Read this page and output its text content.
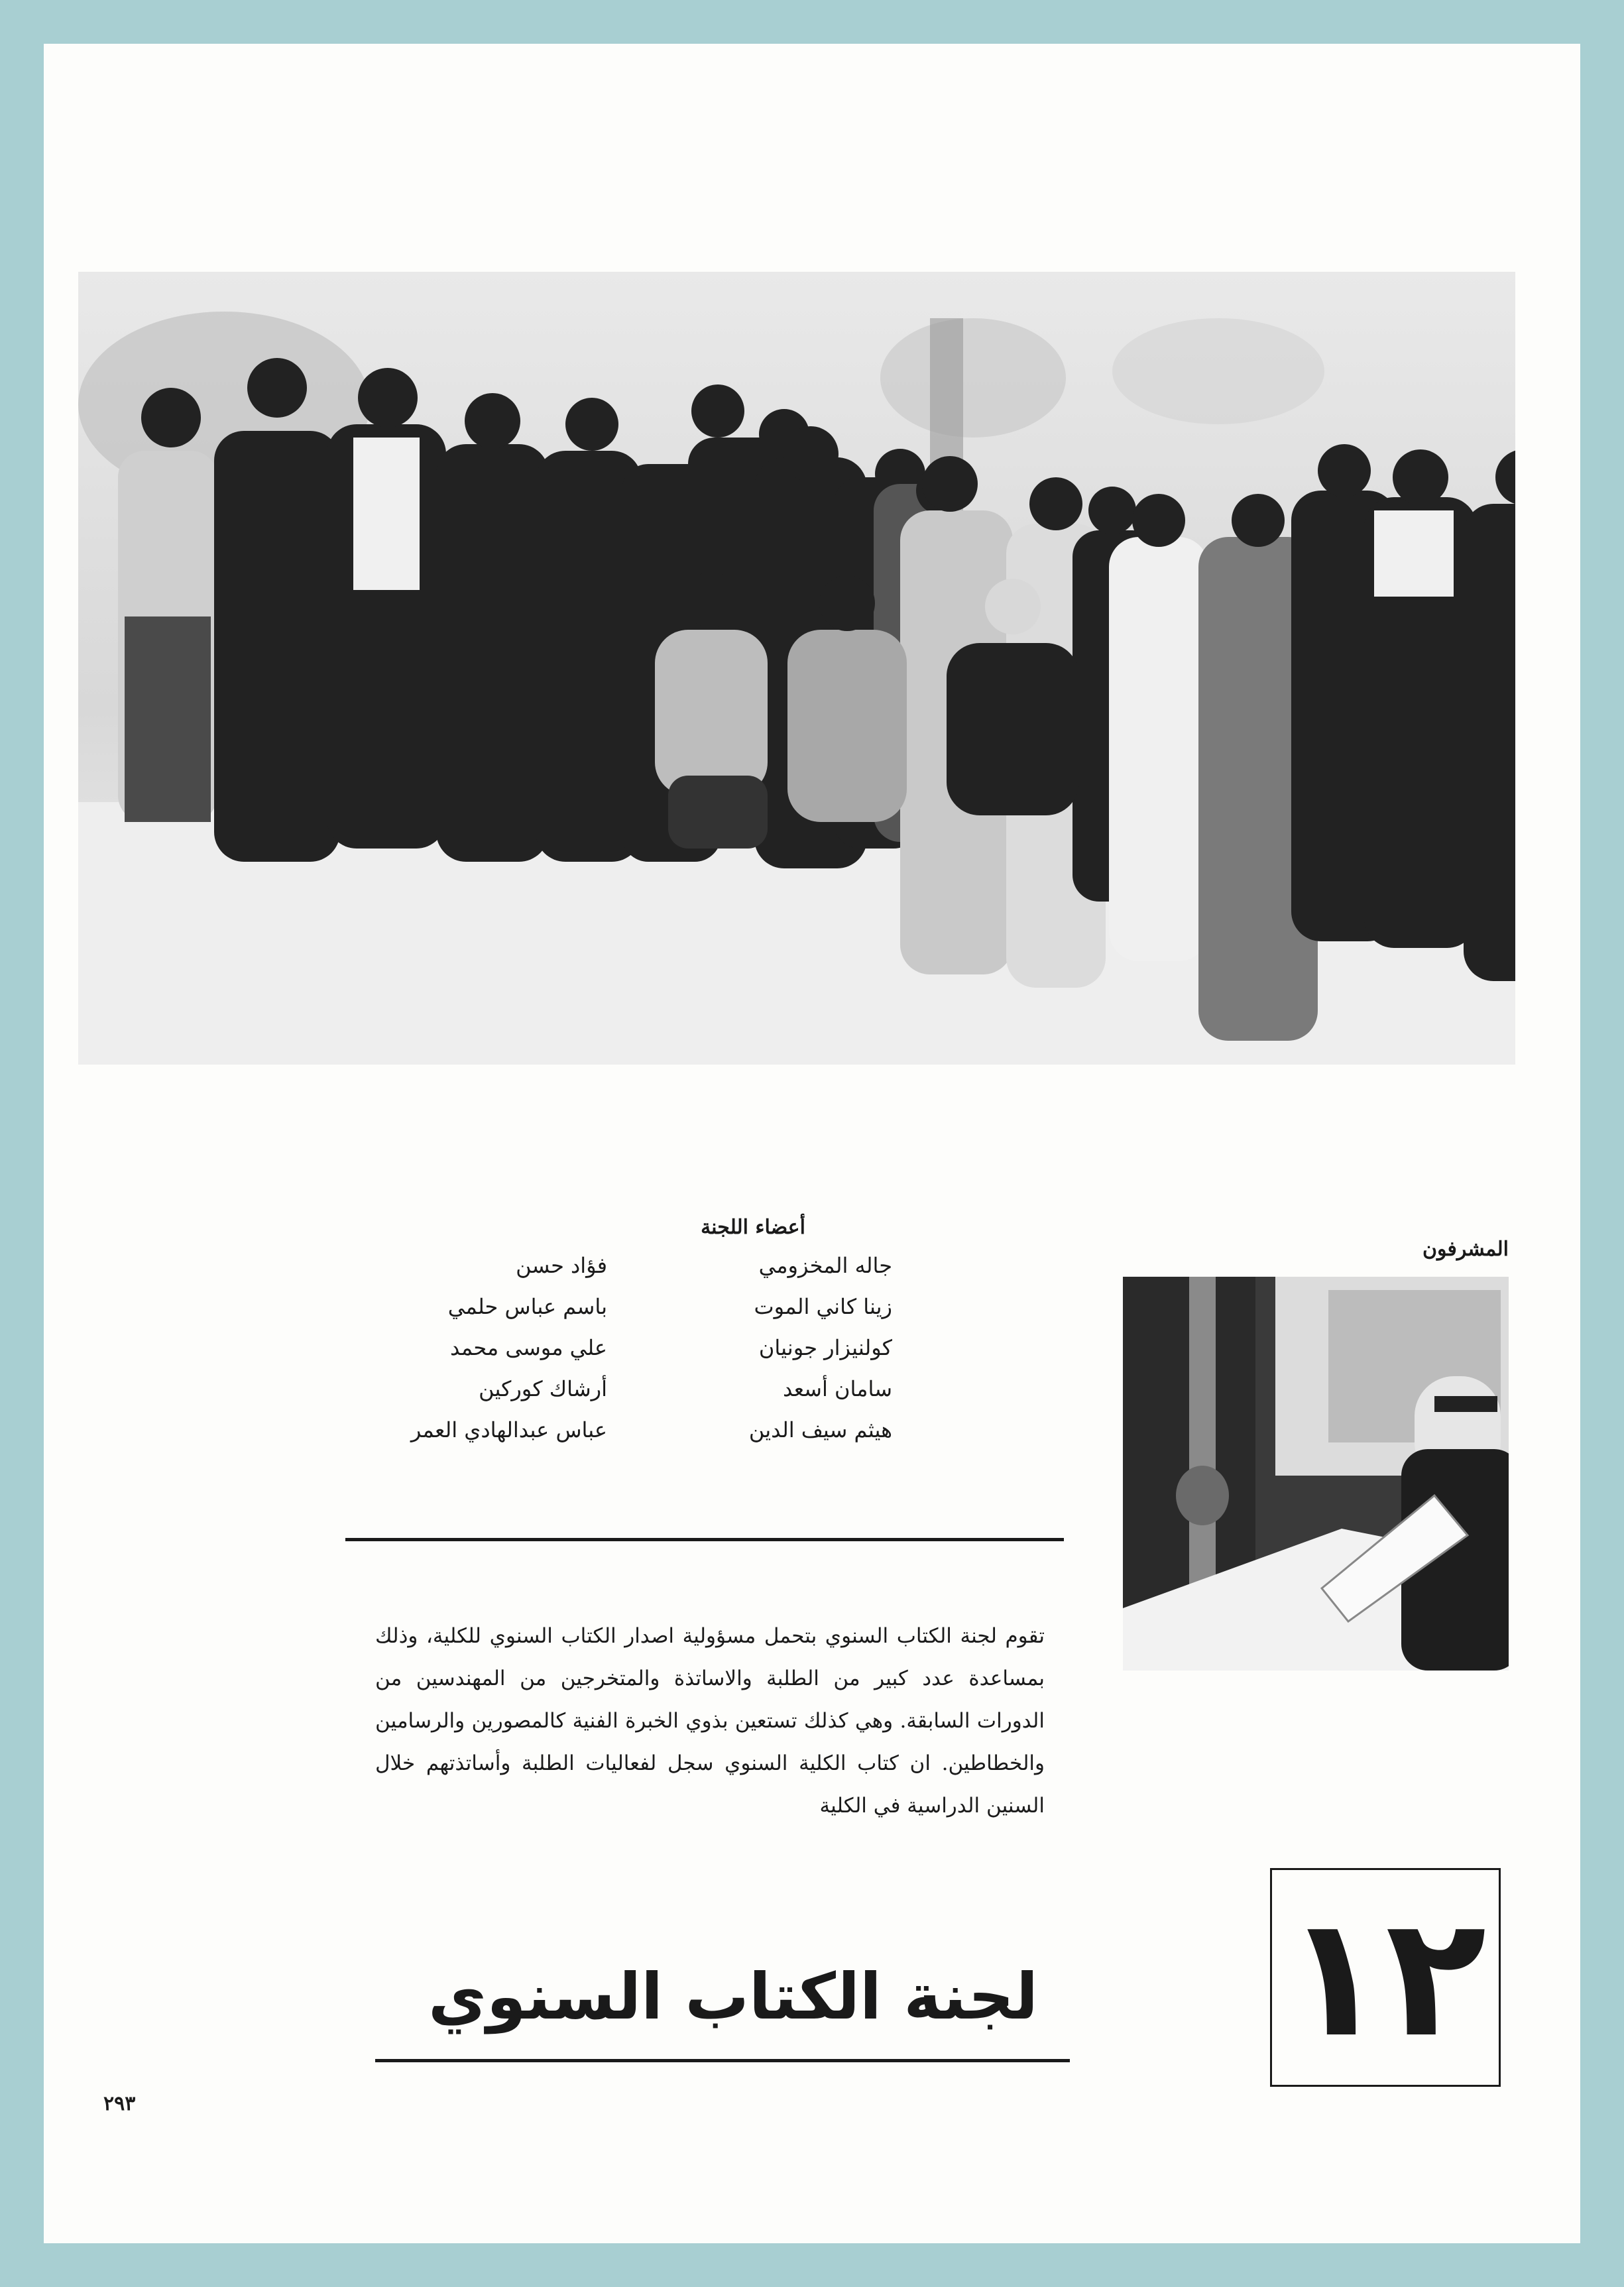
أعضاء اللجنة
جاله المخزومي
زينا كاني الموت
كولنيزار جونيان
سامان أسعد
هيثم سيف الدين
فؤاد حسن
باسم عباس حلمي
علي موسى محمد
أرشاك كوركين
عباس عبدالهادي العمر
المشرفون
تقوم لجنة الكتاب السنوي بتحمل مسؤولية اصدار الكتاب السنوي للكلية، وذلك بمساعدة عدد كبير من الطلبة والاساتذة والمتخرجين من المهندسين من الدورات السابقة. وهي كذلك تستعين بذوي الخبرة الفنية كالمصورين والرسامين والخطاطين. ان كتاب الكلية السنوي سجل لفعاليات الطلبة وأساتذتهم خلال السنين الدراسية في الكلية
١٢
لجنة الكتاب السنوي
٢٩٣
